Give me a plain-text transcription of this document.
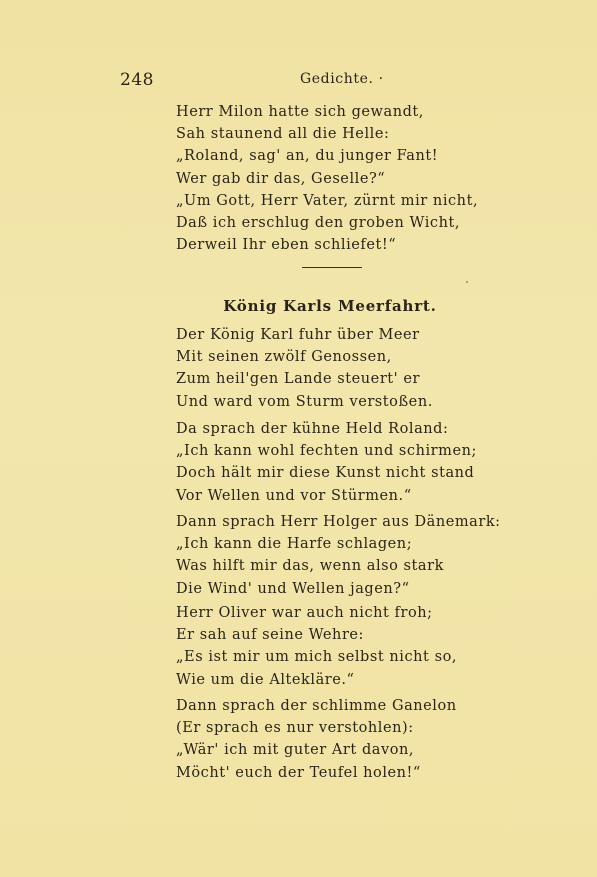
248	Gedichte. ·

Herr Milon hatte sich gewandt,
Sah staunend all die Helle:
„Roland, sag' an, du junger Fant!
Wer gab dir das, Geselle?“
„Um Gott, Herr Vater, zürnt mir nicht,
Daß ich erschlug den groben Wicht,
Derweil Ihr eben schliefet!“

König Karls Meerfahrt.

Der König Karl fuhr über Meer
Mit seinen zwölf Genossen,
Zum heil'gen Lande steuert' er
Und ward vom Sturm verstoßen.

Da sprach der kühne Held Roland:
„Ich kann wohl fechten und schirmen;
Doch hält mir diese Kunst nicht stand
Vor Wellen und vor Stürmen.“

Dann sprach Herr Holger aus Dänemark:
„Ich kann die Harfe schlagen;
Was hilft mir das, wenn also stark
Die Wind' und Wellen jagen?“

Herr Oliver war auch nicht froh;
Er sah auf seine Wehre:
„Es ist mir um mich selbst nicht so,
Wie um die Altekläre.“

Dann sprach der schlimme Ganelon
(Er sprach es nur verstohlen):
„Wär' ich mit guter Art davon,
Möcht' euch der Teufel holen!“
